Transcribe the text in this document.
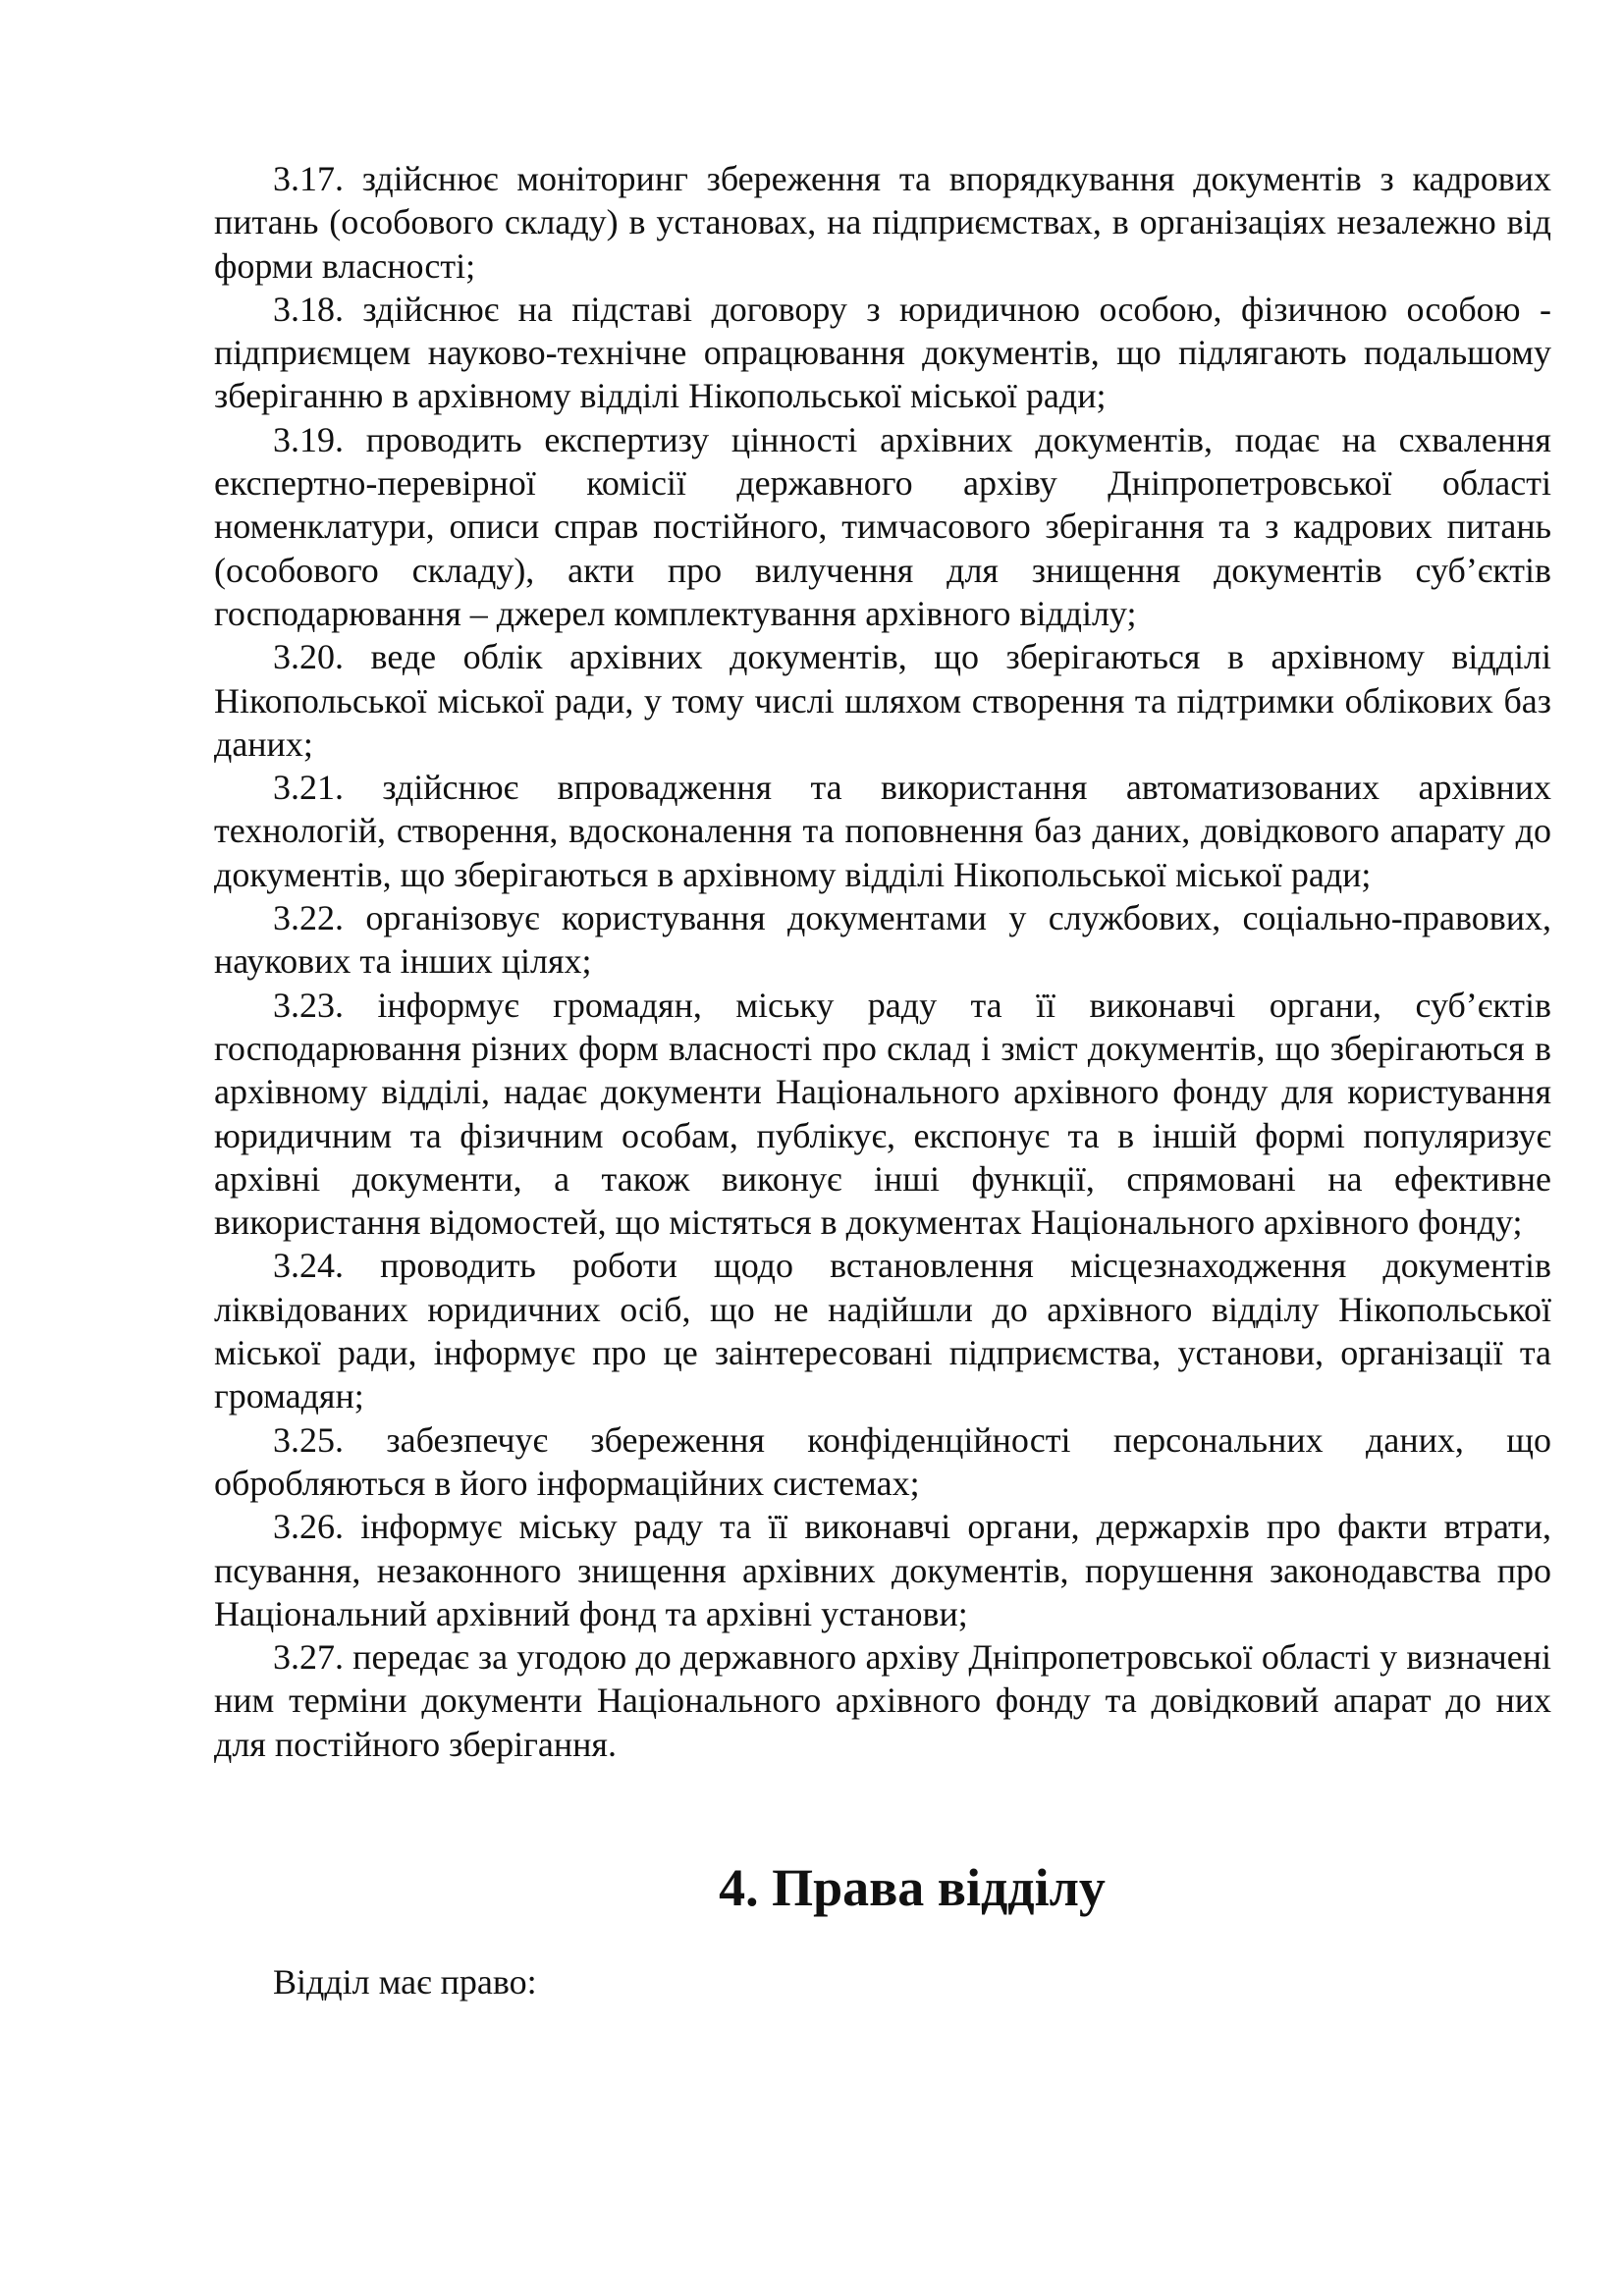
3.17. здійснює моніторинг збереження та впорядкування документів з кадрових питань (особового складу) в установах, на підприємствах, в організаціях незалежно від форми власності;

3.18. здійснює на підставі договору з юридичною особою, фізичною особою - підприємцем науково-технічне опрацювання документів, що підлягають подальшому зберіганню в архівному відділі Нікопольської міської ради;

3.19. проводить експертизу цінності архівних документів, подає на схвалення експертно-перевірної комісії державного архіву Дніпропетровської області номенклатури, описи справ постійного, тимчасового зберігання та з кадрових питань (особового складу), акти про вилучення для знищення документів суб’єктів господарювання – джерел комплектування архівного відділу;

3.20. веде облік архівних документів, що зберігаються в архівному відділі Нікопольської міської ради, у тому числі шляхом створення та підтримки облікових баз даних;

3.21. здійснює впровадження та використання автоматизованих архівних технологій, створення, вдосконалення та поповнення баз даних, довідкового апарату до документів, що зберігаються в архівному відділі Нікопольської міської ради;

3.22. організовує користування документами у службових, соціально-правових, наукових та інших цілях;

3.23. інформує громадян, міську раду та її виконавчі органи, суб’єктів господарювання різних форм власності про склад і зміст документів, що зберігаються в архівному відділі, надає документи Національного архівного фонду для користування юридичним та фізичним особам, публікує, експонує та в іншій формі популяризує архівні документи, а також виконує інші функції, спрямовані на ефективне використання відомостей, що містяться в документах Національного архівного фонду;

3.24. проводить роботи щодо встановлення місцезнаходження документів ліквідованих юридичних осіб, що не надійшли до архівного відділу Нікопольської міської ради, інформує про це заінтересовані підприємства, установи, організації та громадян;

3.25. забезпечує збереження конфіденційності персональних даних, що обробляються в його інформаційних системах;

3.26. інформує міську раду та її виконавчі органи, держархів про факти втрати, псування, незаконного знищення архівних документів, порушення законодавства про Національний архівний фонд та архівні установи;

3.27. передає за угодою до державного архіву Дніпропетровської області у визначені ним терміни документи Національного архівного фонду та довідковий апарат до них для постійного зберігання.

4. Права відділу

Відділ має право:
